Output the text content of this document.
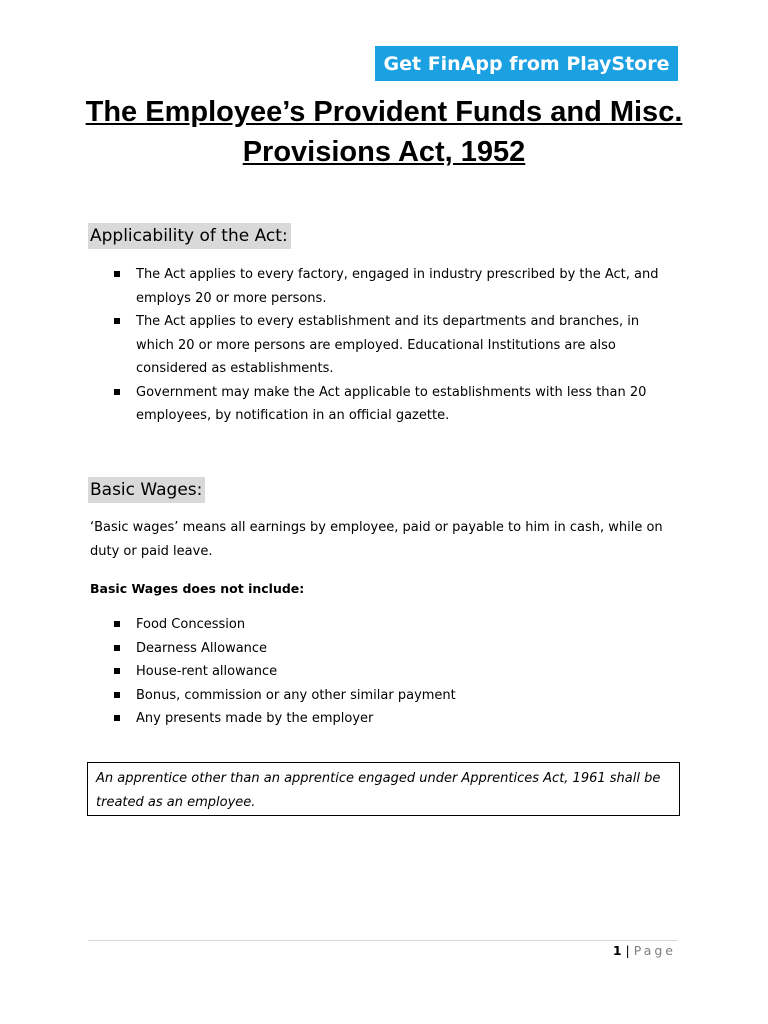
Get FinApp from PlayStore
The Employee’s Provident Funds and Misc.
Provisions Act, 1952
Applicability of the Act:
The Act applies to every factory, engaged in industry prescribed by the Act, and
employs 20 or more persons.
The Act applies to every establishment and its departments and branches, in
which 20 or more persons are employed. Educational Institutions are also
considered as establishments.
Government may make the Act applicable to establishments with less than 20
employees, by notification in an official gazette.
Basic Wages:

‘Basic wages’ means all earnings by employee, paid or payable to him in cash, while on
duty or paid leave.

Basic Wages does not include:

Food Concession
Dearness Allowance
House-rent allowance
Bonus, commission or any other similar payment
Any presents made by the employer
An apprentice other than an apprentice engaged under Apprentices Act, 1961 shall be
treated as an employee.
1 | Page
